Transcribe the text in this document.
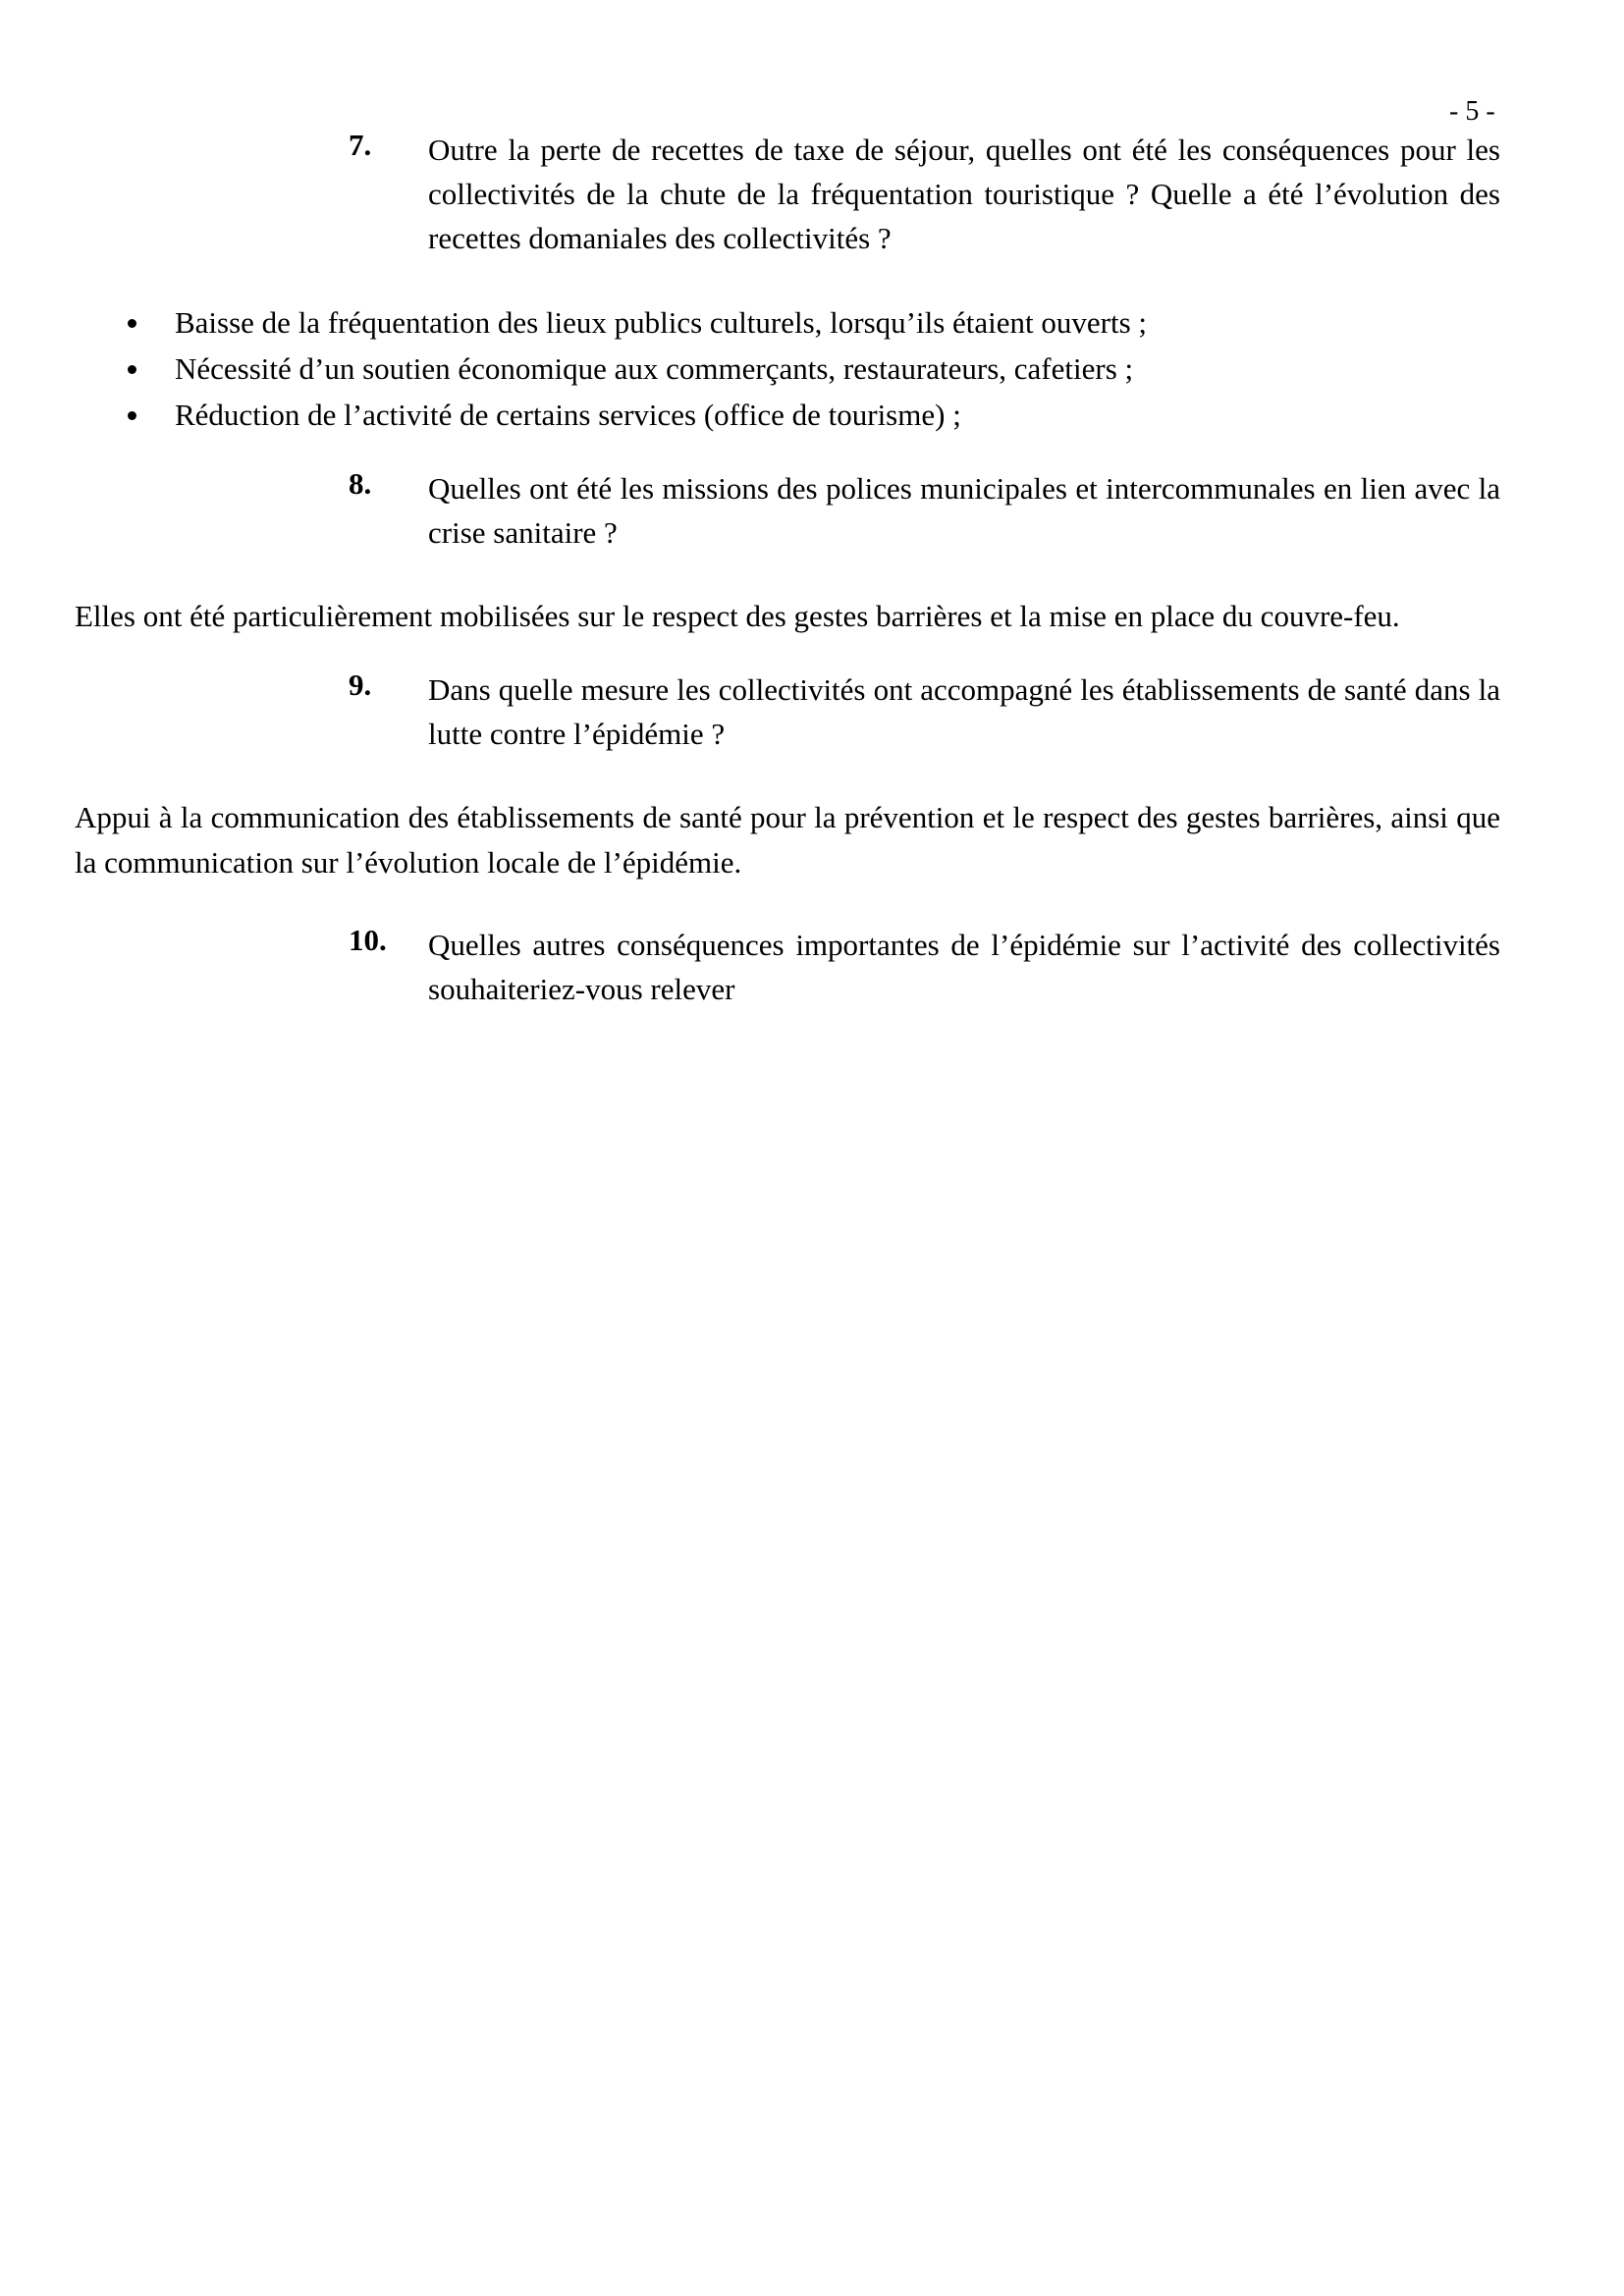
- 5 -
7. Outre la perte de recettes de taxe de séjour, quelles ont été les conséquences pour les collectivités de la chute de la fréquentation touristique ? Quelle a été l’évolution des recettes domaniales des collectivités ?
Baisse de la fréquentation des lieux publics culturels, lorsqu’ils étaient ouverts ;
Nécessité d’un soutien économique aux commerçants, restaurateurs, cafetiers ;
Réduction de l’activité de certains services (office de tourisme) ;
8. Quelles ont été les missions des polices municipales et intercommunales en lien avec la crise sanitaire ?

Elles ont été particulièrement mobilisées sur le respect des gestes barrières et la mise en place du couvre-feu.

9. Dans quelle mesure les collectivités ont accompagné les établissements de santé dans la lutte contre l’épidémie ?

Appui à la communication des établissements de santé pour la prévention et le respect des gestes barrières, ainsi que la communication sur l’évolution locale de l’épidémie.

10. Quelles autres conséquences importantes de l’épidémie sur l’activité des collectivités souhaiteriez-vous relever
